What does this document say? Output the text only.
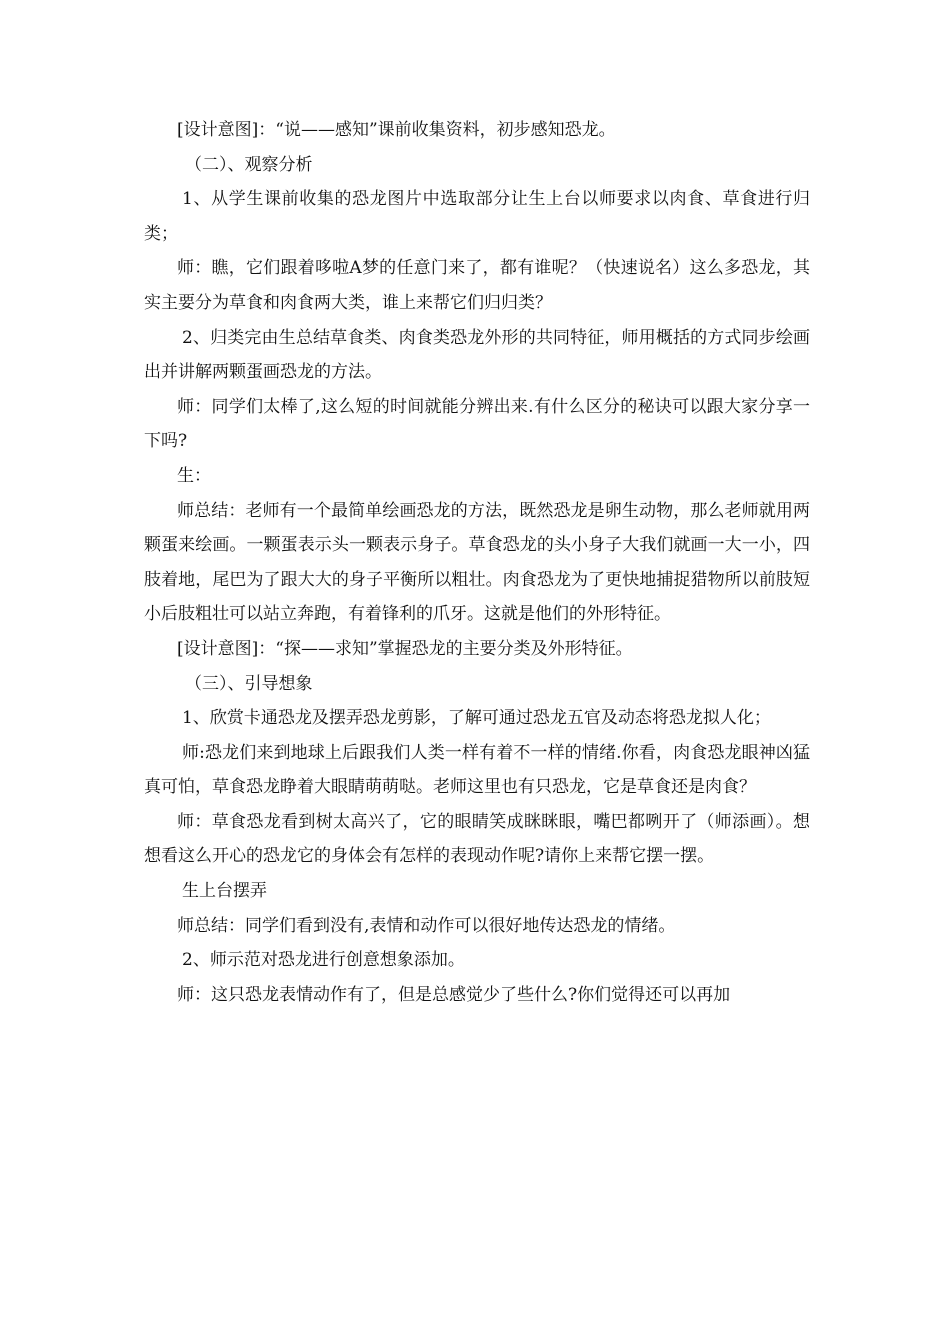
[设计意图]：“说——感知”课前收集资料，初步感知恐龙。

（二）、观察分析

1、从学生课前收集的恐龙图片中选取部分让生上台以师要求以肉食、草食进行归类；

师：瞧，它们跟着哆啦A梦的任意门来了，都有谁呢？（快速说名）这么多恐龙，其实主要分为草食和肉食两大类，谁上来帮它们归归类？

2、归类完由生总结草食类、肉食类恐龙外形的共同特征，师用概括的方式同步绘画出并讲解两颗蛋画恐龙的方法。

师：同学们太棒了,这么短的时间就能分辨出来.有什么区分的秘诀可以跟大家分享一下吗?

生：

师总结：老师有一个最简单绘画恐龙的方法，既然恐龙是卵生动物，那么老师就用两颗蛋来绘画。一颗蛋表示头一颗表示身子。草食恐龙的头小身子大我们就画一大一小，四肢着地，尾巴为了跟大大的身子平衡所以粗壮。肉食恐龙为了更快地捕捉猎物所以前肢短小后肢粗壮可以站立奔跑，有着锋利的爪牙。这就是他们的外形特征。

[设计意图]：“探——求知”掌握恐龙的主要分类及外形特征。

（三）、引导想象

1、欣赏卡通恐龙及摆弄恐龙剪影，了解可通过恐龙五官及动态将恐龙拟人化；

师:恐龙们来到地球上后跟我们人类一样有着不一样的情绪.你看，肉食恐龙眼神凶猛真可怕，草食恐龙睁着大眼睛萌萌哒。老师这里也有只恐龙，它是草食还是肉食？

师：草食恐龙看到树太高兴了，它的眼睛笑成眯眯眼，嘴巴都咧开了（师添画）。想想看这么开心的恐龙它的身体会有怎样的表现动作呢?请你上来帮它摆一摆。

生上台摆弄

师总结：同学们看到没有,表情和动作可以很好地传达恐龙的情绪。

2、师示范对恐龙进行创意想象添加。

师：这只恐龙表情动作有了，但是总感觉少了些什么?你们觉得还可以再加
